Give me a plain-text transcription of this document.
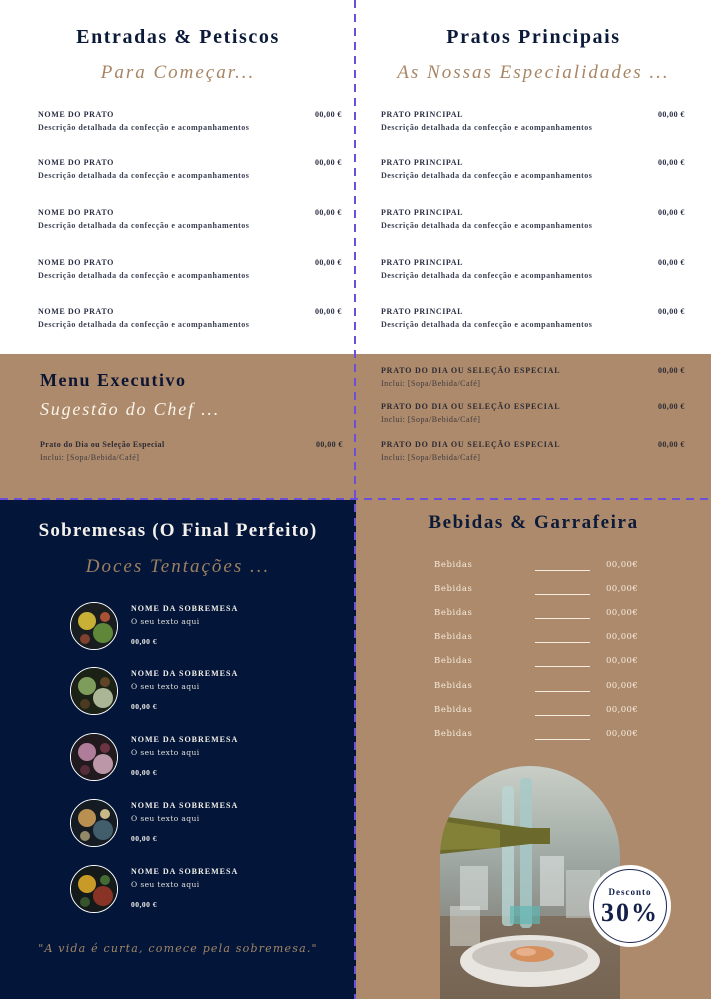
Entradas & Petiscos
Para Começar...
NOME DO PRATO
Descrição detalhada da confecção e acompanhamentos
00,00 €
NOME DO PRATO
Descrição detalhada da confecção e acompanhamentos
00,00 €
NOME DO PRATO
Descrição detalhada da confecção e acompanhamentos
00,00 €
NOME DO PRATO
Descrição detalhada da confecção e acompanhamentos
00,00 €
NOME DO PRATO
Descrição detalhada da confecção e acompanhamentos
00,00 €
Pratos Principais
As Nossas Especialidades ...
PRATO PRINCIPAL
Descrição detalhada da confecção e acompanhamentos
00,00 €
PRATO PRINCIPAL
Descrição detalhada da confecção e acompanhamentos
00,00 €
PRATO PRINCIPAL
Descrição detalhada da confecção e acompanhamentos
00,00 €
PRATO PRINCIPAL
Descrição detalhada da confecção e acompanhamentos
00,00 €
PRATO PRINCIPAL
Descrição detalhada da confecção e acompanhamentos
00,00 €
Menu Executivo
Sugestão do Chef ...
Prato do Dia ou Seleção Especial
Inclui: [Sopa/Bebida/Café]
00,00 €
PRATO DO DIA OU SELEÇÃO ESPECIAL
Inclui: [Sopa/Bebida/Café]
00,00 €
PRATO DO DIA OU SELEÇÃO ESPECIAL
Inclui: [Sopa/Bebida/Café]
00,00 €
PRATO DO DIA OU SELEÇÃO ESPECIAL
Inclui: [Sopa/Bebida/Café]
00,00 €
Sobremesas (O Final Perfeito)
Doces Tentações ...
NOME DA SOBREMESA
O seu texto aqui
00,00 €
NOME DA SOBREMESA
O seu texto aqui
00,00 €
NOME DA SOBREMESA
O seu texto aqui
00,00 €
NOME DA SOBREMESA
O seu texto aqui
00,00 €
NOME DA SOBREMESA
O seu texto aqui
00,00 €
"A vida é curta, comece pela sobremesa."
Bebidas & Garrafeira
Bebidas	00,00€
Bebidas	00,00€
Bebidas	00,00€
Bebidas	00,00€
Bebidas	00,00€
Bebidas	00,00€
Bebidas	00,00€
Bebidas	00,00€
Desconto
30%
